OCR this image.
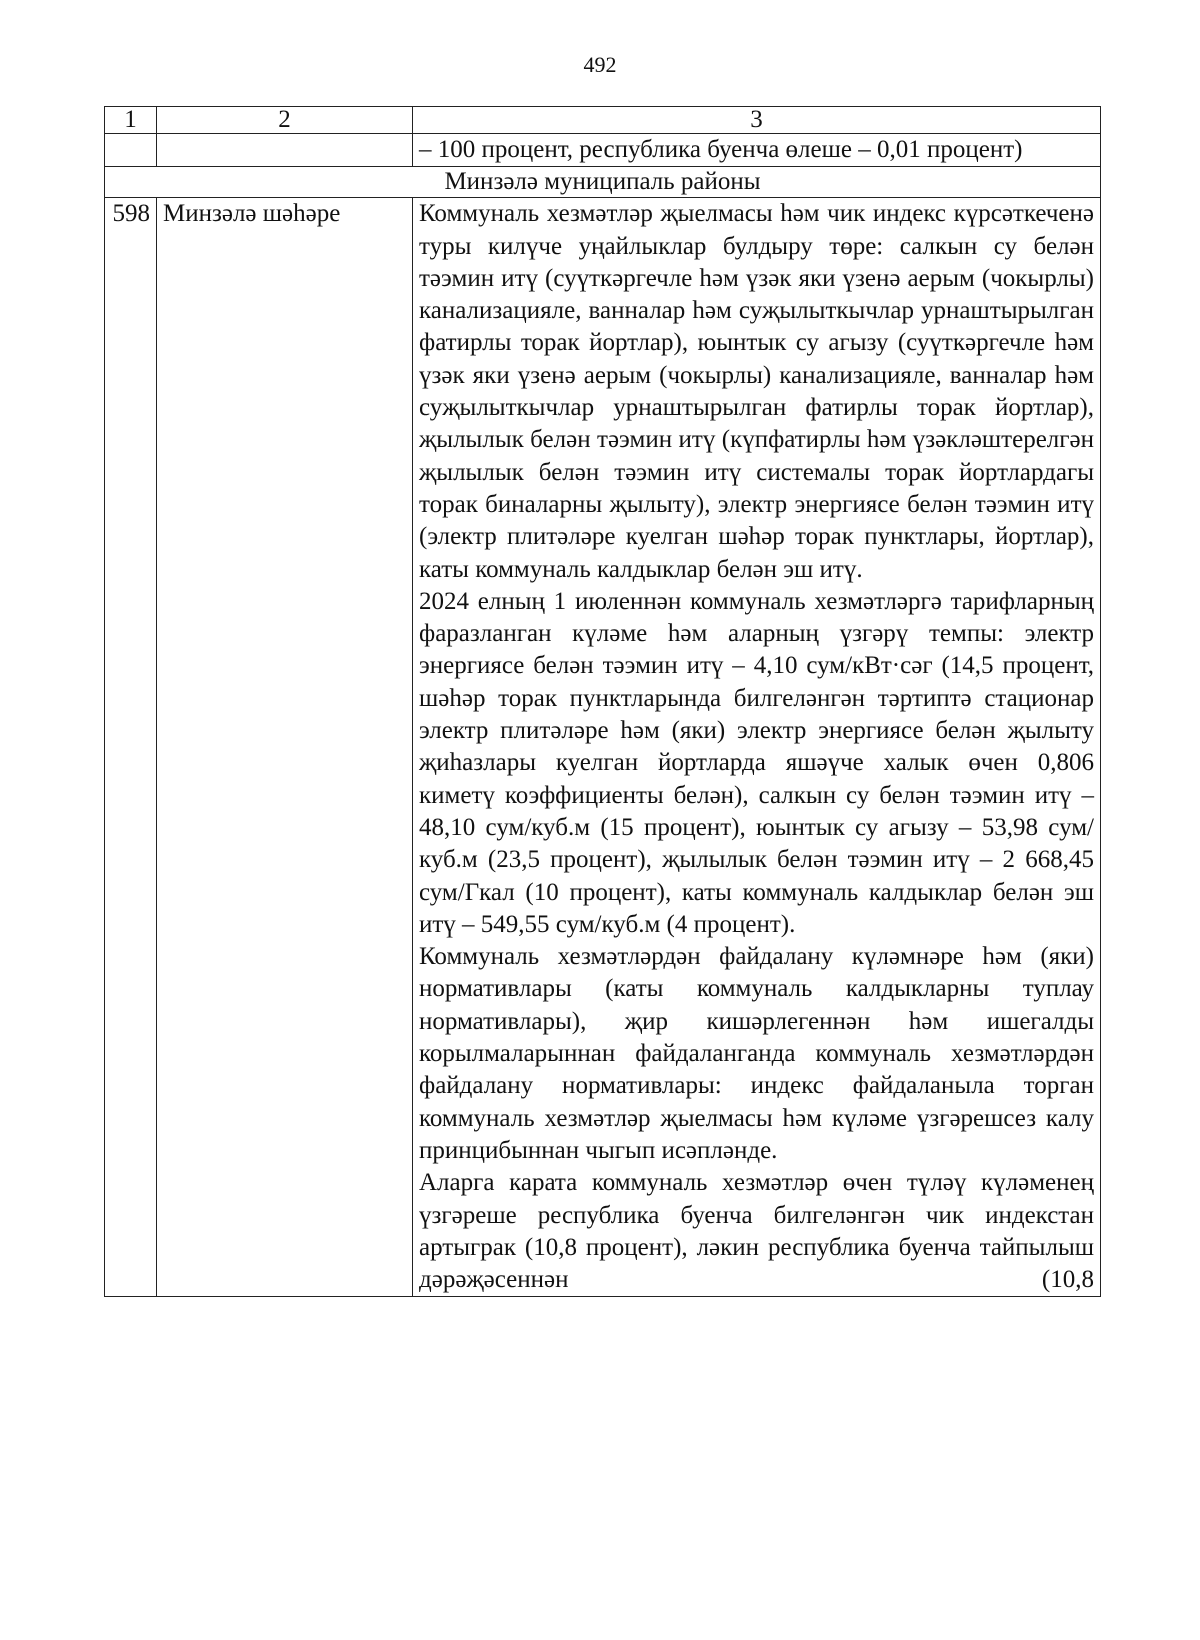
492
1	2	3

		– 100 процент, республика буенча өлеше – 0,01 процент)

Минзәлә муниципаль районы		
598	Минзәлә шәһәре	Коммуналь хезмәтләр җыелмасы һәм чик индекс күрсәткеченә туры килүче уңайлыклар булдыру төре: салкын су белән тәэмин итү (суүткәргечле һәм үзәк яки үзенә аерым (чокырлы) канализацияле, ванналар һәм суҗылыткычлар урнаштырылган фатирлы торак йортлар), юынтык су агызу (суүткәргечле һәм үзәк яки үзенә аерым (чокырлы) канализацияле, ванналар һәм суҗылыткычлар урнаштырылган фатирлы торак йортлар), җылылык белән тәэмин итү (күпфатирлы һәм үзәкләштерелгән җылылык белән тәэмин итү системалы торак йортлардагы торак биналарны җылыту), электр энергиясе белән тәэмин итү (электр плитәләре куелган шәһәр торак пунктлары, йортлар), каты коммуналь калдыклар белән эш итү.

2024 елның 1 июленнән коммуналь хезмәтләргә тарифларның фаразланган күләме һәм аларның үзгәрү темпы: электр энергиясе белән тәэмин итү – 4,10 сум/кВт·сәг (14,5 процент, шәһәр торак пунктларында билгеләнгән тәртиптә стационар электр плитәләре һәм (яки) электр энергиясе белән җылыту җиһазлары куелган йортларда яшәүче халык өчен 0,806 киметү коэффициенты белән), салкын су белән тәэмин итү – 48,10 сум/куб.м (15 процент), юынтык су агызу – 53,98 сум/куб.м (23,5 процент), җылылык белән тәэмин итү – 2 668,45 сум/Гкал (10 процент), каты коммуналь калдыклар белән эш итү – 549,55 сум/куб.м (4 процент).

Коммуналь хезмәтләрдән файдалану күләмнәре һәм (яки) нормативлары (каты коммуналь калдыкларны туплау нормативлары), җир кишәрлегеннән һәм ишегалды корылмаларыннан файдаланганда коммуналь хезмәтләрдән файдалану нормативлары: индекс файдаланыла торган коммуналь хезмәтләр җыелмасы һәм күләме үзгәрешсез калу принцибыннан чыгып исәпләнде.

Аларга карата коммуналь хезмәтләр өчен түләү күләменең үзгәреше республика буенча билгеләнгән чик индекстан артыграк (10,8 процент), ләкин республика буенча тайпылыш дәрәҗәсеннән (10,8
